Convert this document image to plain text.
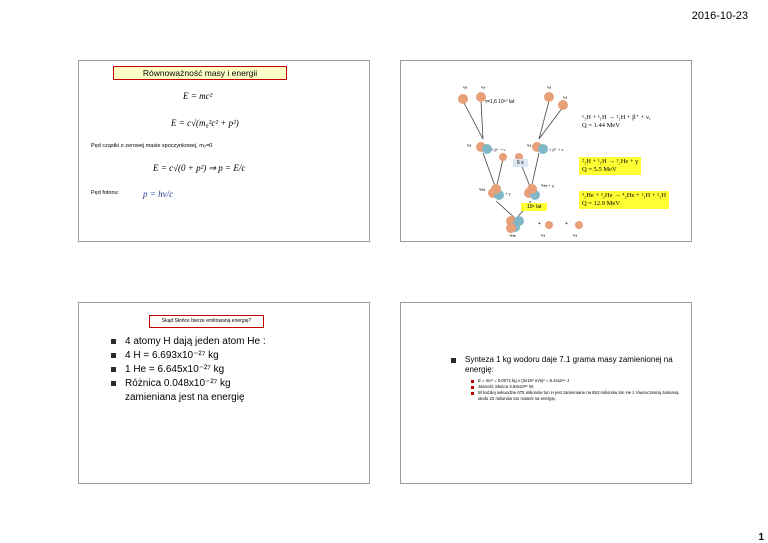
2016-10-23
Równoważność masy i energii
E = mc²
E = c√(m₀²c² + p²)
Pęd cząstki o zerowej masie spoczynkowej, m₀=0
E = c√(0 + p²) ⇒ p = E/c
Pęd fotonu:	p = hν/c
τ=1,6 10¹⁰ lat
¹H	¹H	¹H
¹H
²H	²H
+ β⁺ + ν	+ β⁺ + ν
³He
+ γ
³He + γ
6 s
10⁶ lat
⁴He	¹H	¹H
+	+
¹₁H + ¹₁H → ²₁H + β⁺ + νₑ
Q = 1.44 MeV
²₁H + ¹₁H → ³₂He + γ
Q = 5.5 MeV
³₂He + ³₂He → ⁴₂He + ¹₁H + ¹₁H
Q = 12.9 MeV
Skąd Słońce bierze emitowaną energię?
4 atomy H dają jeden atom He :
4 H = 6.693x10⁻²⁷ kg
1 He = 6.645x10⁻²⁷ kg
Różnica 0.048x10⁻²⁷ kg zamieniana jest na energię
Synteza 1 kg wodoru daje 7.1 grama masy zamienionej na energię:
E = mc² = 0.0071 kg x (3x10⁸ m/s)² = 6.4x10¹⁴ J
Jasność Słońca 3.83x10²⁶ W,
W każdej sekundzie 675 milionów ton H jest zamieniane na 653 milionów ton He z równoczesną zamianą około 22 milionów ton materii na energię.
1
